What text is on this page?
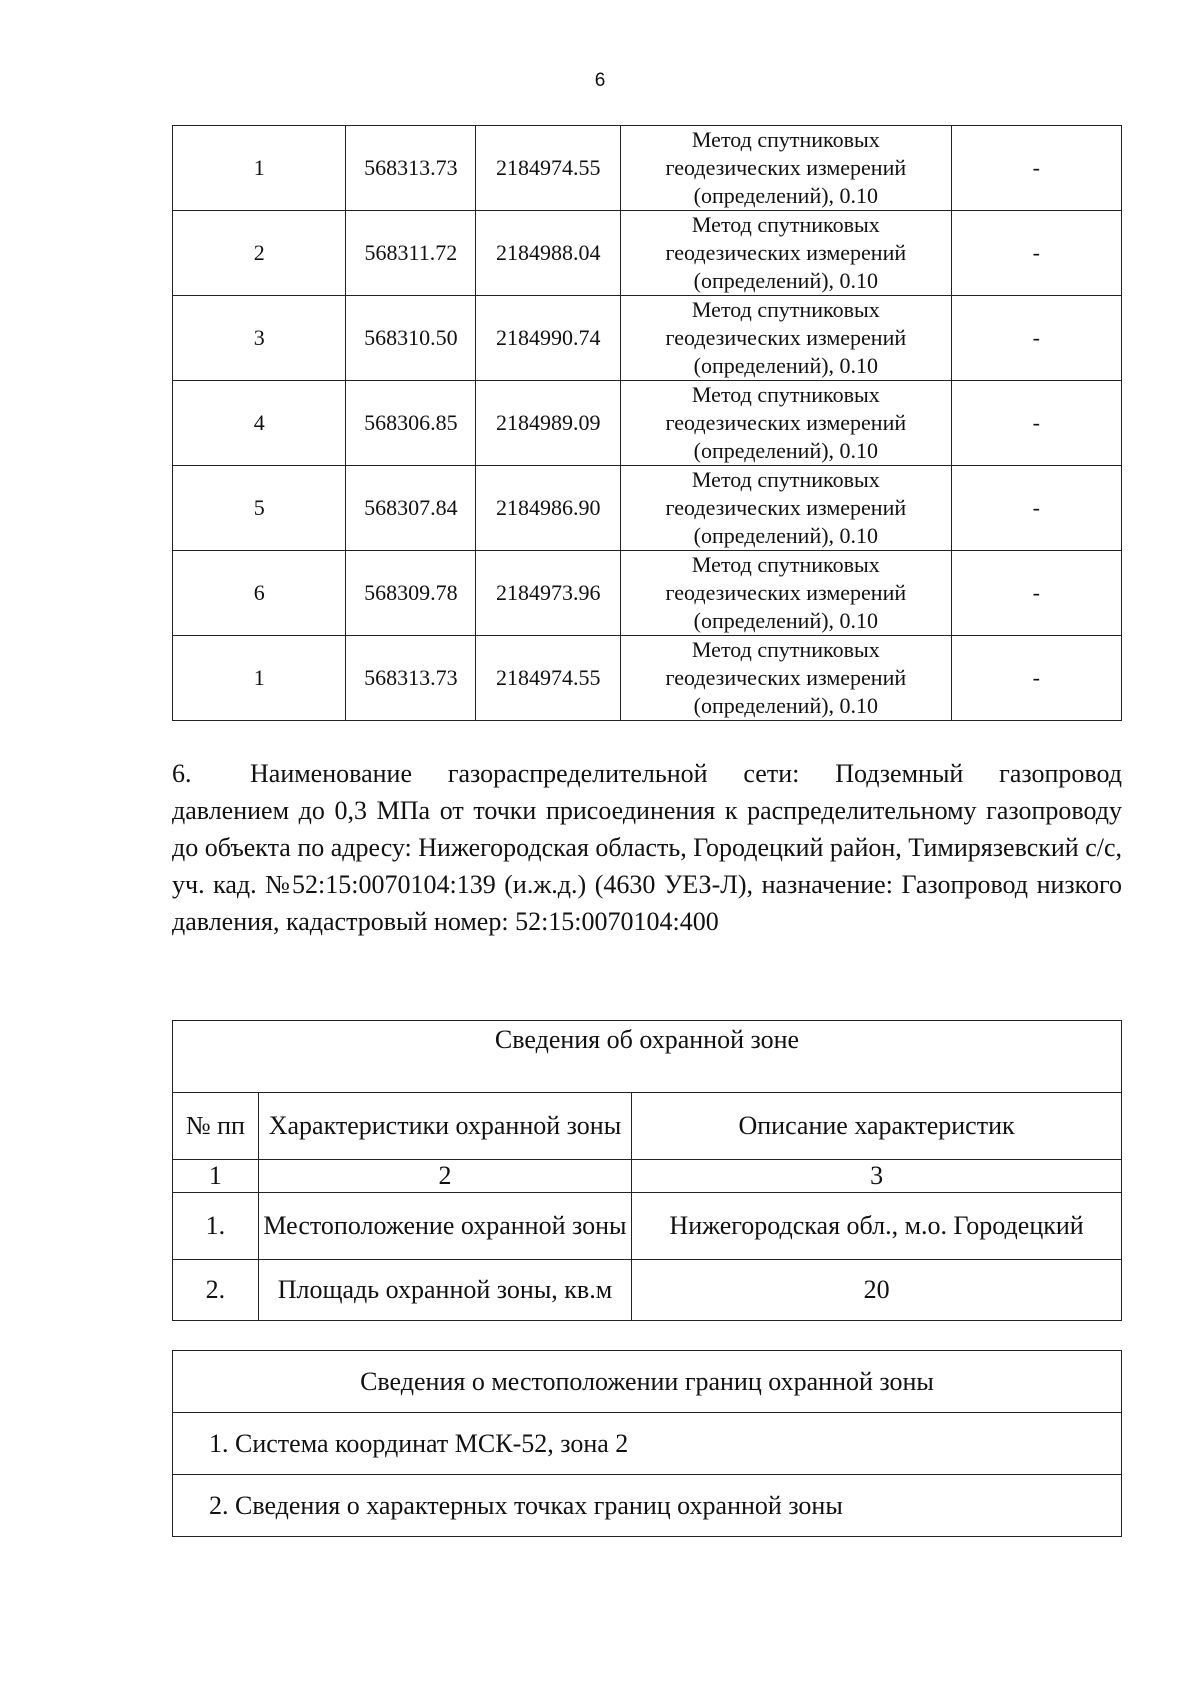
6
1	568313.73	2184974.55	Метод спутниковых
геодезических измерений
(определений), 0.10	-
2	568311.72	2184988.04	Метод спутниковых
геодезических измерений
(определений), 0.10	-
3	568310.50	2184990.74	Метод спутниковых
геодезических измерений
(определений), 0.10	-
4	568306.85	2184989.09	Метод спутниковых
геодезических измерений
(определений), 0.10	-
5	568307.84	2184986.90	Метод спутниковых
геодезических измерений
(определений), 0.10	-
6	568309.78	2184973.96	Метод спутниковых
геодезических измерений
(определений), 0.10	-
1	568313.73	2184974.55	Метод спутниковых
геодезических измерений
(определений), 0.10	-

6. Наименование газораспределительной сети: Подземный газопровод давлением до 0,3 МПа от точки присоединения к распределительному газопроводу до объекта по адресу: Нижегородская область, Городецкий район, Тимирязевский с/с, уч. кад. №52:15:0070104:139 (и.ж.д.) (4630 УЕЗ-Л), назначение: Газопровод низкого давления, кадастровый номер: 52:15:0070104:400

Сведения об охранной зоне		
№ пп	Характеристики охранной зоны	Описание характеристик
1	2	3
1.	Местоположение охранной зоны	Нижегородская обл., м.о. Городецкий
2.	Площадь охранной зоны, кв.м	20
Сведения о местоположении границ охранной зоны
1. Система координат МСК-52, зона 2
2. Сведения о характерных точках границ охранной зоны
